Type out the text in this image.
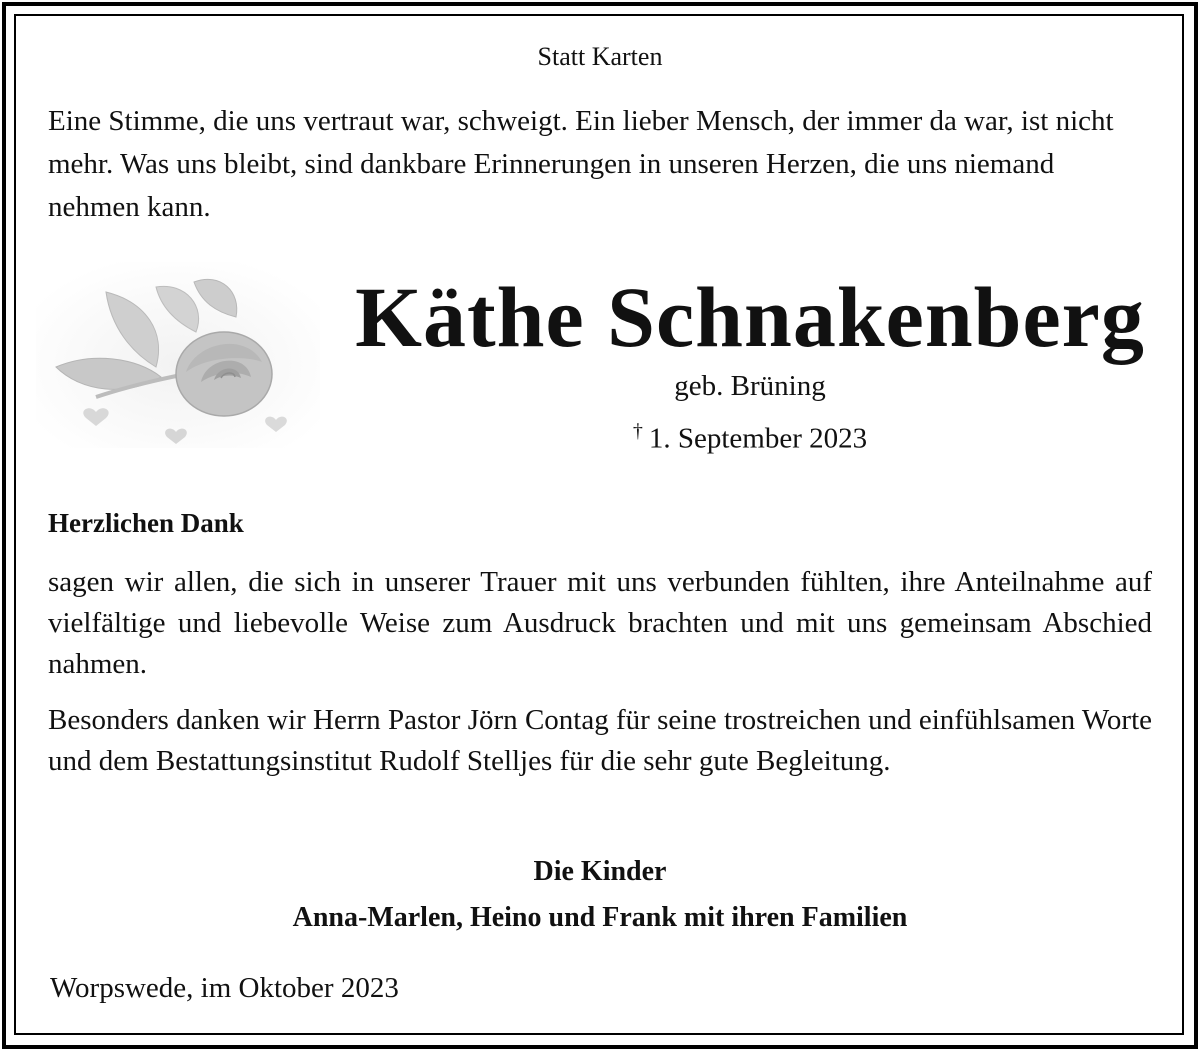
Statt Karten
Eine Stimme, die uns vertraut war, schweigt. Ein lieber Mensch, der immer da war, ist nicht mehr. Was uns bleibt, sind dankbare Erinnerungen in unseren Herzen, die uns niemand nehmen kann.
Käthe Schnakenberg
geb. Brüning
† 1. September 2023
Herzlichen Dank
sagen wir allen, die sich in unserer Trauer mit uns verbunden fühlten, ihre Anteilnahme auf vielfältige und liebevolle Weise zum Ausdruck brachten und mit uns gemeinsam Abschied nahmen.
Besonders danken wir Herrn Pastor Jörn Contag für seine trostreichen und einfühlsamen Worte und dem Bestattungsinstitut Rudolf Stelljes für die sehr gute Begleitung.
Die Kinder
Anna-Marlen, Heino und Frank mit ihren Familien
Worpswede, im Oktober 2023
